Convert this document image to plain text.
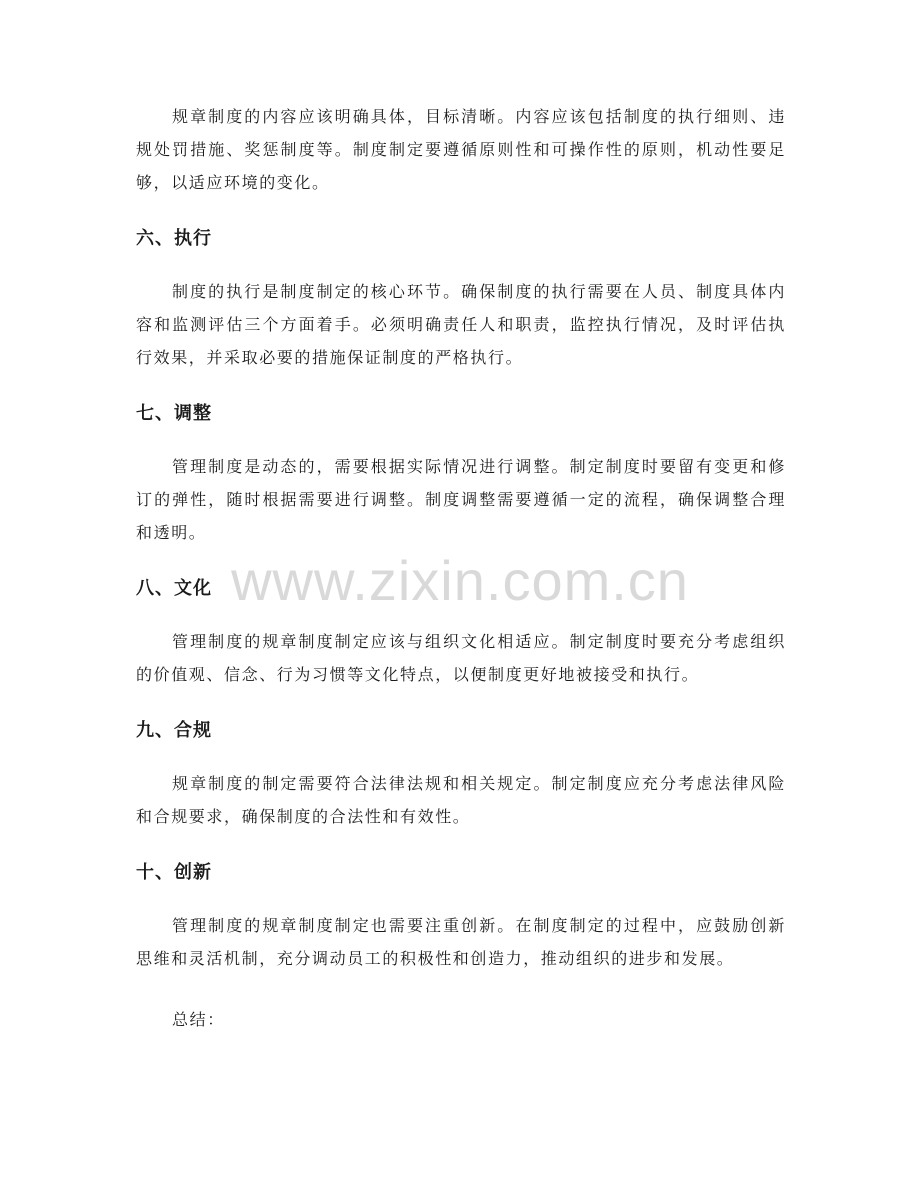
www.zixin.com.cn

规章制度的内容应该明确具体，目标清晰。内容应该包括制度的执行细则、违规处罚措施、奖惩制度等。制度制定要遵循原则性和可操作性的原则，机动性要足够，以适应环境的变化。

六、执行

制度的执行是制度制定的核心环节。确保制度的执行需要在人员、制度具体内容和监测评估三个方面着手。必须明确责任人和职责，监控执行情况，及时评估执行效果，并采取必要的措施保证制度的严格执行。

七、调整

管理制度是动态的，需要根据实际情况进行调整。制定制度时要留有变更和修订的弹性，随时根据需要进行调整。制度调整需要遵循一定的流程，确保调整合理和透明。

八、文化

管理制度的规章制度制定应该与组织文化相适应。制定制度时要充分考虑组织的价值观、信念、行为习惯等文化特点，以便制度更好地被接受和执行。

九、合规

规章制度的制定需要符合法律法规和相关规定。制定制度应充分考虑法律风险和合规要求，确保制度的合法性和有效性。

十、创新

管理制度的规章制度制定也需要注重创新。在制度制定的过程中，应鼓励创新思维和灵活机制，充分调动员工的积极性和创造力，推动组织的进步和发展。

总结：
